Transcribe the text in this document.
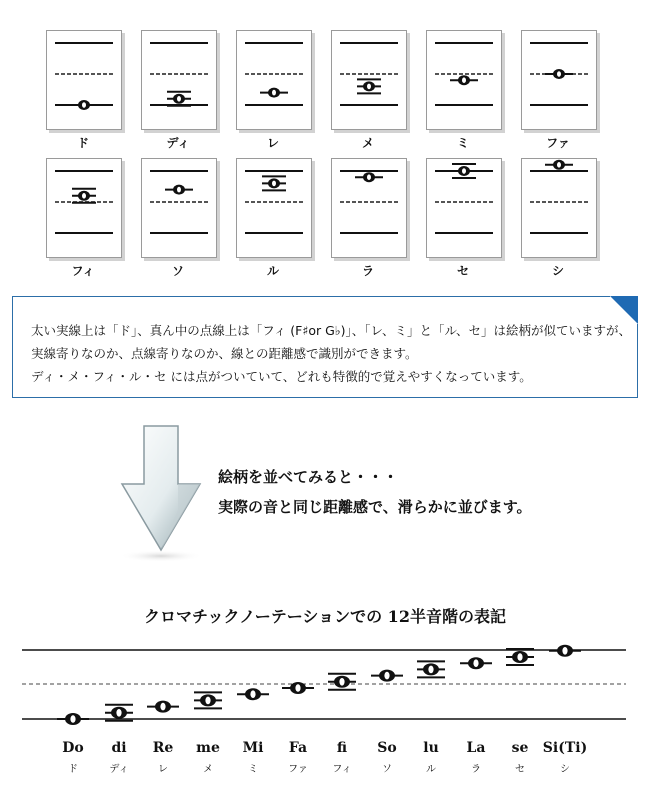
ド	ディ	レ	メ	ミ	ファ
フィ	ソ	ル	ラ	セ	シ
太い実線上は「ド」、真ん中の点線上は「フィ (F♯or G♭)」、「レ、ミ」と「ル、セ」は絵柄が似ていますが、
実線寄りなのか、点線寄りなのか、線との距離感で識別ができます。
ディ・メ・フィ・ル・セ には点がついていて、どれも特徴的で覚えやすくなっています。
絵柄を並べてみると・・・
実際の音と同じ距離感で、滑らかに並びます。
クロマチックノーテーションでの 12半音階の表記
Do
ド
di
ディ
Re
レ
me
メ
Mi
ミ
Fa
ファ
fi
フィ
So
ソ
lu
ル
La
ラ
se
セ
Si(Ti)
シ
